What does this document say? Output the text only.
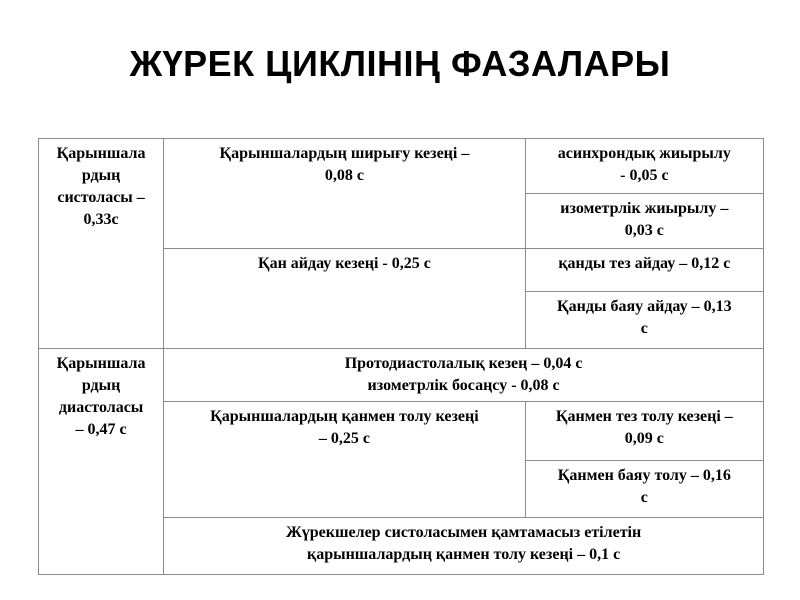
ЖҮРЕК ЦИКЛІНІҢ ФАЗАЛАРЫ
Қарыншала
рдың
систоласы –
0,33с	Қарыншалардың ширығу кезеңі –
0,08 с	асинхрондық жиырылу
- 0,05 с

		изометрлік жиырылу –
0,03 с

	Қан айдау кезеңі - 0,25 с	қанды тез айдау – 0,12 с

		Қанды баяу айдау – 0,13
с

Қарыншала
рдың
диастоласы
– 0,47 с	Протодиастолалық кезең – 0,04 с
изометрлік босаңсу - 0,08 с	

	Қарыншалардың қанмен толу кезеңі
– 0,25 с	Қанмен тез толу кезеңі –
0,09 с

		Қанмен баяу толу – 0,16
с

	Жүрекшелер систоласымен қамтамасыз етілетін
қарыншалардың қанмен толу кезеңі – 0,1 с	
